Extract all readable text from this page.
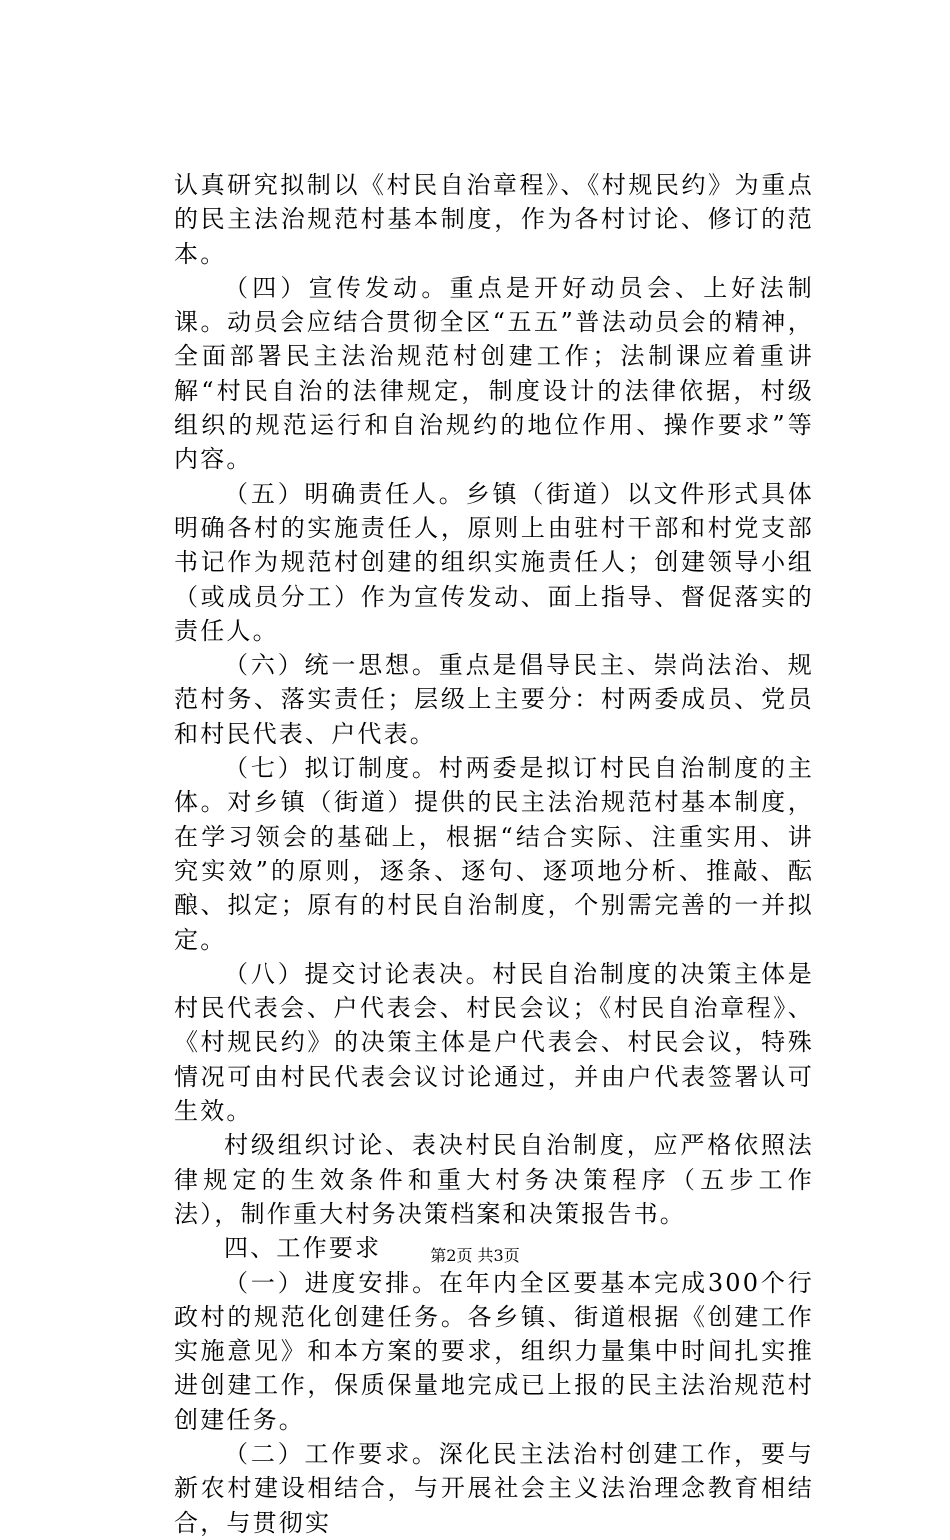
认真研究拟制以《村民自治章程》、《村规民约》为重点的民主法治规范村基本制度，作为各村讨论、修订的范本。

（四）宣传发动。重点是开好动员会、上好法制课。动员会应结合贯彻全区“五五”普法动员会的精神，全面部署民主法治规范村创建工作；法制课应着重讲解“村民自治的法律规定，制度设计的法律依据，村级组织的规范运行和自治规约的地位作用、操作要求”等内容。

（五）明确责任人。乡镇（街道）以文件形式具体明确各村的实施责任人，原则上由驻村干部和村党支部书记作为规范村创建的组织实施责任人；创建领导小组（或成员分工）作为宣传发动、面上指导、督促落实的责任人。

（六）统一思想。重点是倡导民主、崇尚法治、规范村务、落实责任；层级上主要分：村两委成员、党员和村民代表、户代表。

（七）拟订制度。村两委是拟订村民自治制度的主体。对乡镇（街道）提供的民主法治规范村基本制度，在学习领会的基础上，根据“结合实际、注重实用、讲究实效”的原则，逐条、逐句、逐项地分析、推敲、酝酿、拟定；原有的村民自治制度，个别需完善的一并拟定。

（八）提交讨论表决。村民自治制度的决策主体是村民代表会、户代表会、村民会议；《村民自治章程》、《村规民约》的决策主体是户代表会、村民会议，特殊情况可由村民代表会议讨论通过，并由户代表签署认可生效。

村级组织讨论、表决村民自治制度，应严格依照法律规定的生效条件和重大村务决策程序（五步工作法），制作重大村务决策档案和决策报告书。

四、工作要求

（一）进度安排。在年内全区要基本完成300个行政村的规范化创建任务。各乡镇、街道根据《创建工作实施意见》和本方案的要求，组织力量集中时间扎实推进创建工作，保质保量地完成已上报的民主法治规范村创建任务。

（二）工作要求。深化民主法治村创建工作，要与新农村建设相结合，与开展社会主义法治理念教育相结合，与贯彻实

第2页 共3页
